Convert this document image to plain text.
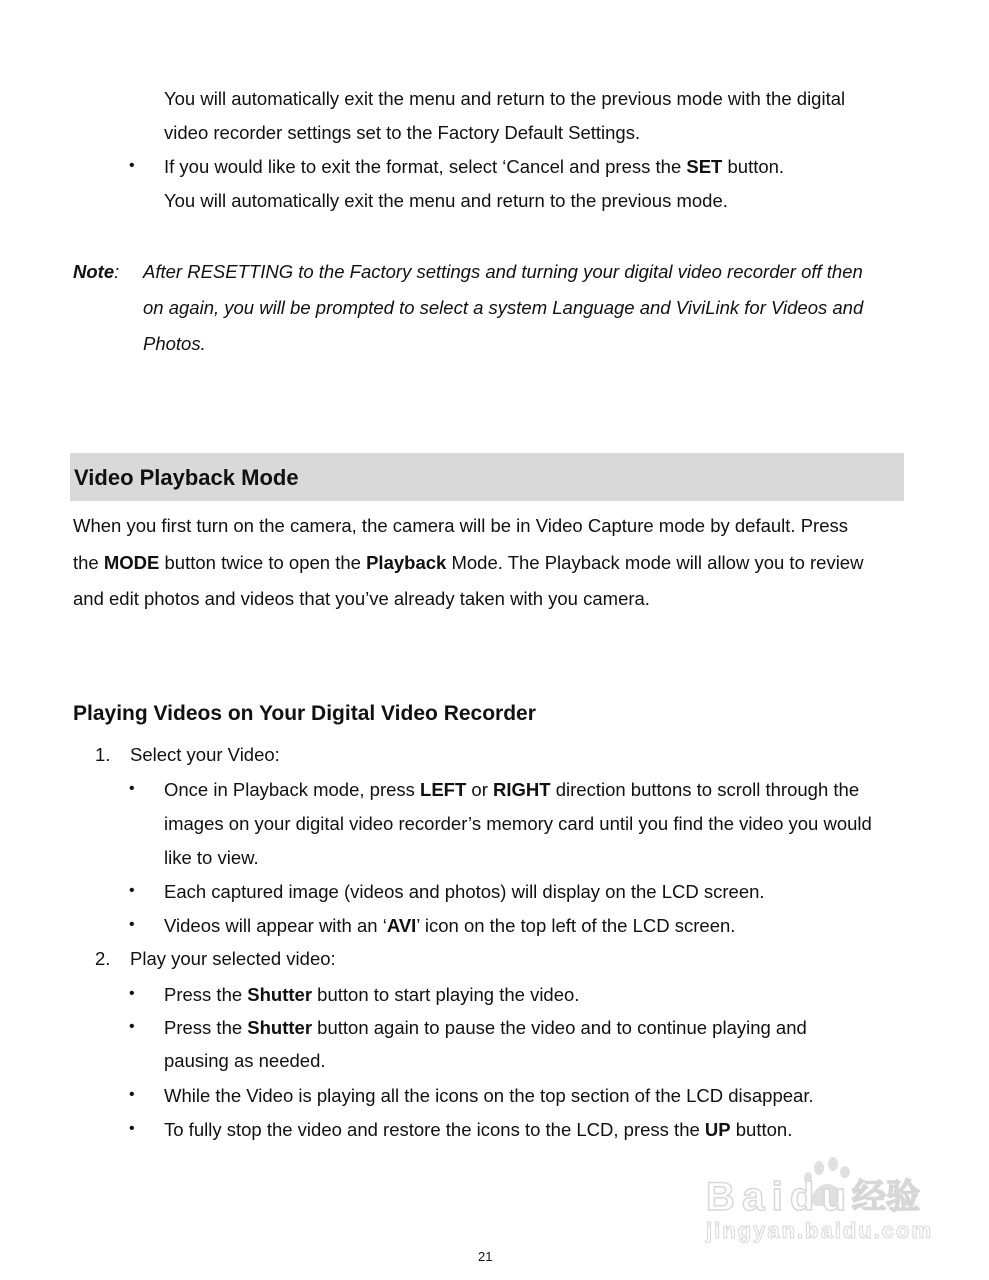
You will automatically exit the menu and return to the previous mode with the digital
video recorder settings set to the Factory Default Settings.
• If you would like to exit the format, select ‘Cancel and press the SET button.
You will automatically exit the menu and return to the previous mode.
Note: After RESETTING to the Factory settings and turning your digital video recorder off then
on again, you will be prompted to select a system Language and ViviLink for Videos and
Photos.
Video Playback Mode
When you first turn on the camera, the camera will be in Video Capture mode by default. Press
the MODE button twice to open the Playback Mode. The Playback mode will allow you to review
and edit photos and videos that you’ve already taken with you camera.
Playing Videos on Your Digital Video Recorder
1. Select your Video:
• Once in Playback mode, press LEFT or RIGHT direction buttons to scroll through the
images on your digital video recorder’s memory card until you find the video you would
like to view.
• Each captured image (videos and photos) will display on the LCD screen.
• Videos will appear with an ‘AVI’ icon on the top left of the LCD screen.
2. Play your selected video:
• Press the Shutter button to start playing the video.
• Press the Shutter button again to pause the video and to continue playing and
pausing as needed.
• While the Video is playing all the icons on the top section of the LCD disappear.
• To fully stop the video and restore the icons to the LCD, press the UP button.
Baidu 经验
jingyan.baidu.com
21
